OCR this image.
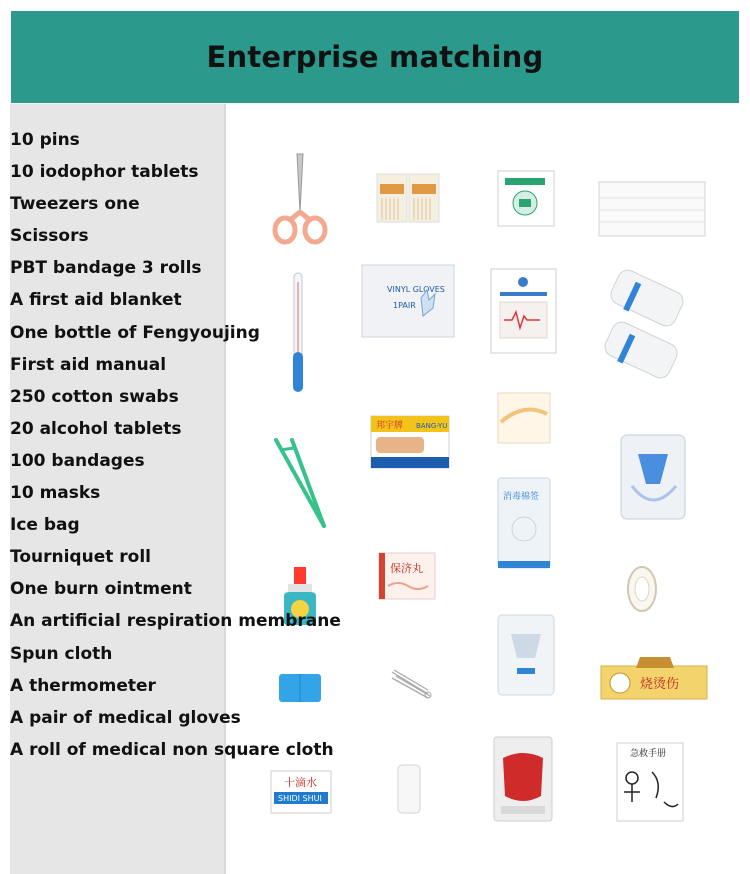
Enterprise matching
10 pins
10 iodophor tablets
Tweezers one
Scissors
PBT bandage 3 rolls
A first aid blanket
One bottle of Fengyoujing
First aid manual
250 cotton swabs
20 alcohol tablets
100 bandages
10 masks
Ice bag
Tourniquet roll
One burn ointment
An artificial respiration membrane
Spun cloth
A thermometer
A pair of medical gloves
A roll of medical non square cloth
VINYL GLOVES
1PAIR
邦宇牌 BANG-YU
消毒棉签
保济丸
烧烫伤
十滴水
SHIDI SHUI
急救手册
